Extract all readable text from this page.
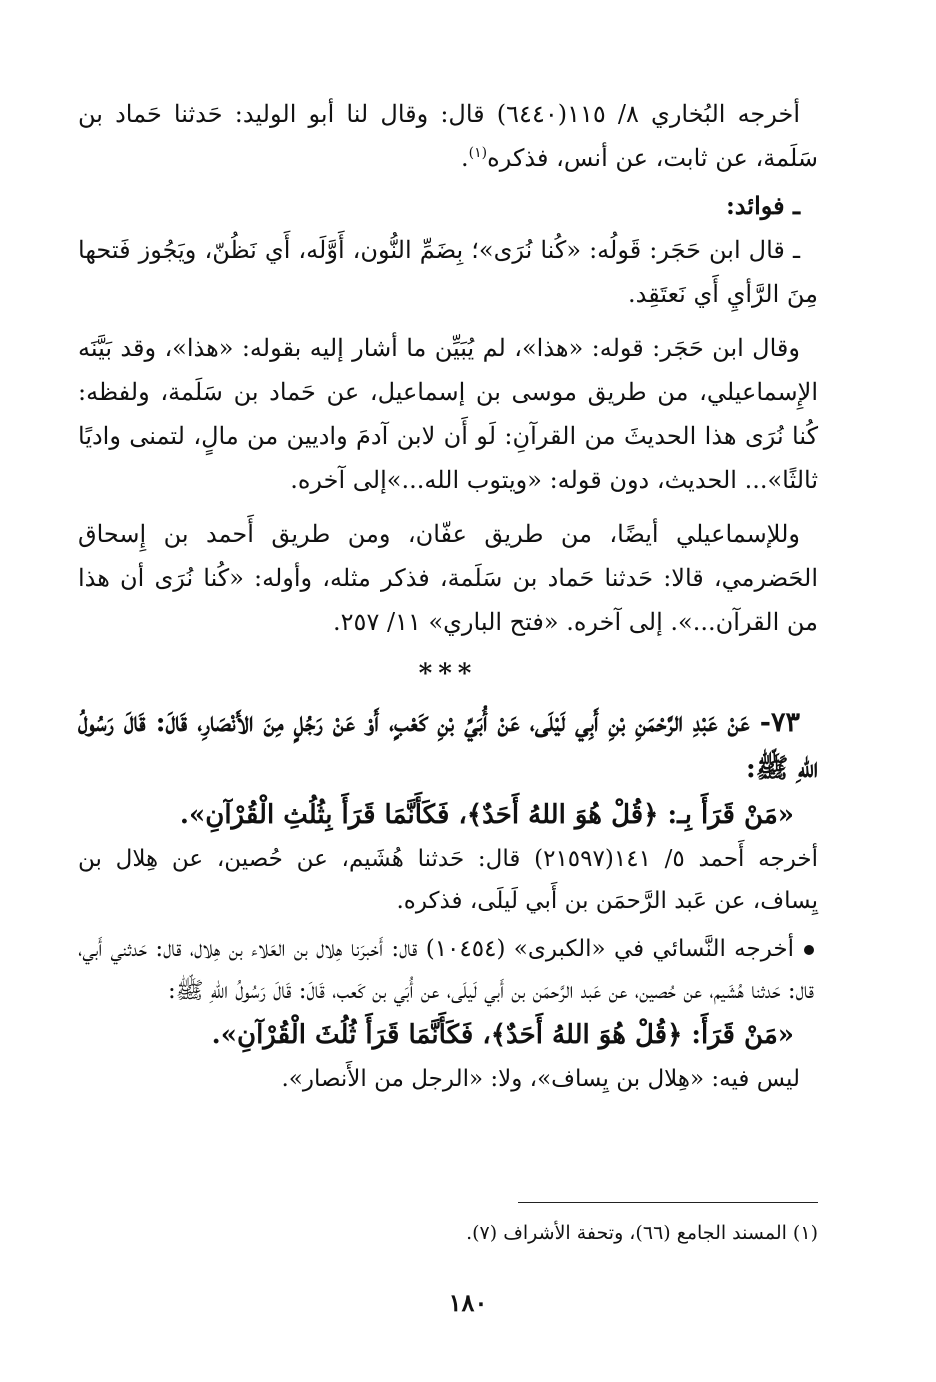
أخرجه البُخاري ٨/ ١١٥(٦٤٤٠) قال: وقال لنا أبو الوليد: حَدثنا حَماد بن سَلَمة، عن ثابت، عن أنس، فذكره$^{(١)}$.

ـ فوائد:

ـ قال ابن حَجَر: قَولُه: «كُنا نُرَى»؛ بِضَمِّ النُّون، أَوَّلَه، أَي نَظُنّ، ويَجُوز فَتحها مِنَ الرَّأيِ أَي نَعتَقِد.

وقال ابن حَجَر: قوله: «هذا»، لم يُبَيِّن ما أشار إليه بقوله: «هذا»، وقد بَيَّنَه الإِسماعيلي، من طريق موسى بن إسماعيل، عن حَماد بن سَلَمة، ولفظه: كُنا نُرَى هذا الحديثَ من القرآنِ: لَو أَن لابن آدمَ واديين من مالٍ، لتمنى واديًا ثالثًا»... الحديث، دون قوله: «ويتوب الله...»إلى آخره.

وللإسماعيلي أيضًا، من طريق عفّان، ومن طريق أَحمد بن إِسحاق الحَضرمي، قالا: حَدثنا حَماد بن سَلَمة، فذكر مثله، وأوله: «كُنا نُرَى أن هذا من القرآن...». إلى آخره. «فتح الباري» ١١/ ٢٥٧.

***

٧٣- عَنْ عَبْدِ الرَّحْمَنِ بْنِ أَبِي لَيْلَى، عَنْ أُبَيِّ بْنِ كَعْبٍ، أَوْ عَنْ رَجُلٍ مِنَ الأَنْصَارِ، قَالَ: قَالَ رَسُولُ اللهِ ﷺ:

«مَنْ قَرَأَ بِـ: ﴿قُلْ هُوَ اللهُ أَحَدٌ﴾، فَكَأَنَّمَا قَرَأَ بِثُلُثِ الْقُرْآنِ».

أخرجه أَحمد ٥/ ١٤١(٢١٥٩٧) قال: حَدثنا هُشَيم، عن حُصين، عن هِلال بن يِساف، عن عَبد الرَّحمَن بن أَبي لَيلَى، فذكره.

أخرجه النَّسائي في «الكبرى» (١٠٤٥٤) قال: أَخبرَنا هِلال بن العَلاء بن هِلال، قال: حَدثني أَبي، قال: حَدثنا هُشَيم، عن حُصين، عن عَبد الرَّحمَن بن أَبي لَيلَى، عن أُبَي بن كَعب، قَالَ: قَالَ رَسُولُ اللهِ ﷺ:

«مَنْ قَرَأَ: ﴿قُلْ هُوَ اللهُ أَحَدٌ﴾، فَكَأَنَّمَا قَرَأَ ثُلُثَ الْقُرْآنِ».

ليس فيه: «هِلال بن يِساف»، ولا: «الرجل من الأَنصار».

(١) المسند الجامع (٦٦)، وتحفة الأشراف (٧).

١٨٠
